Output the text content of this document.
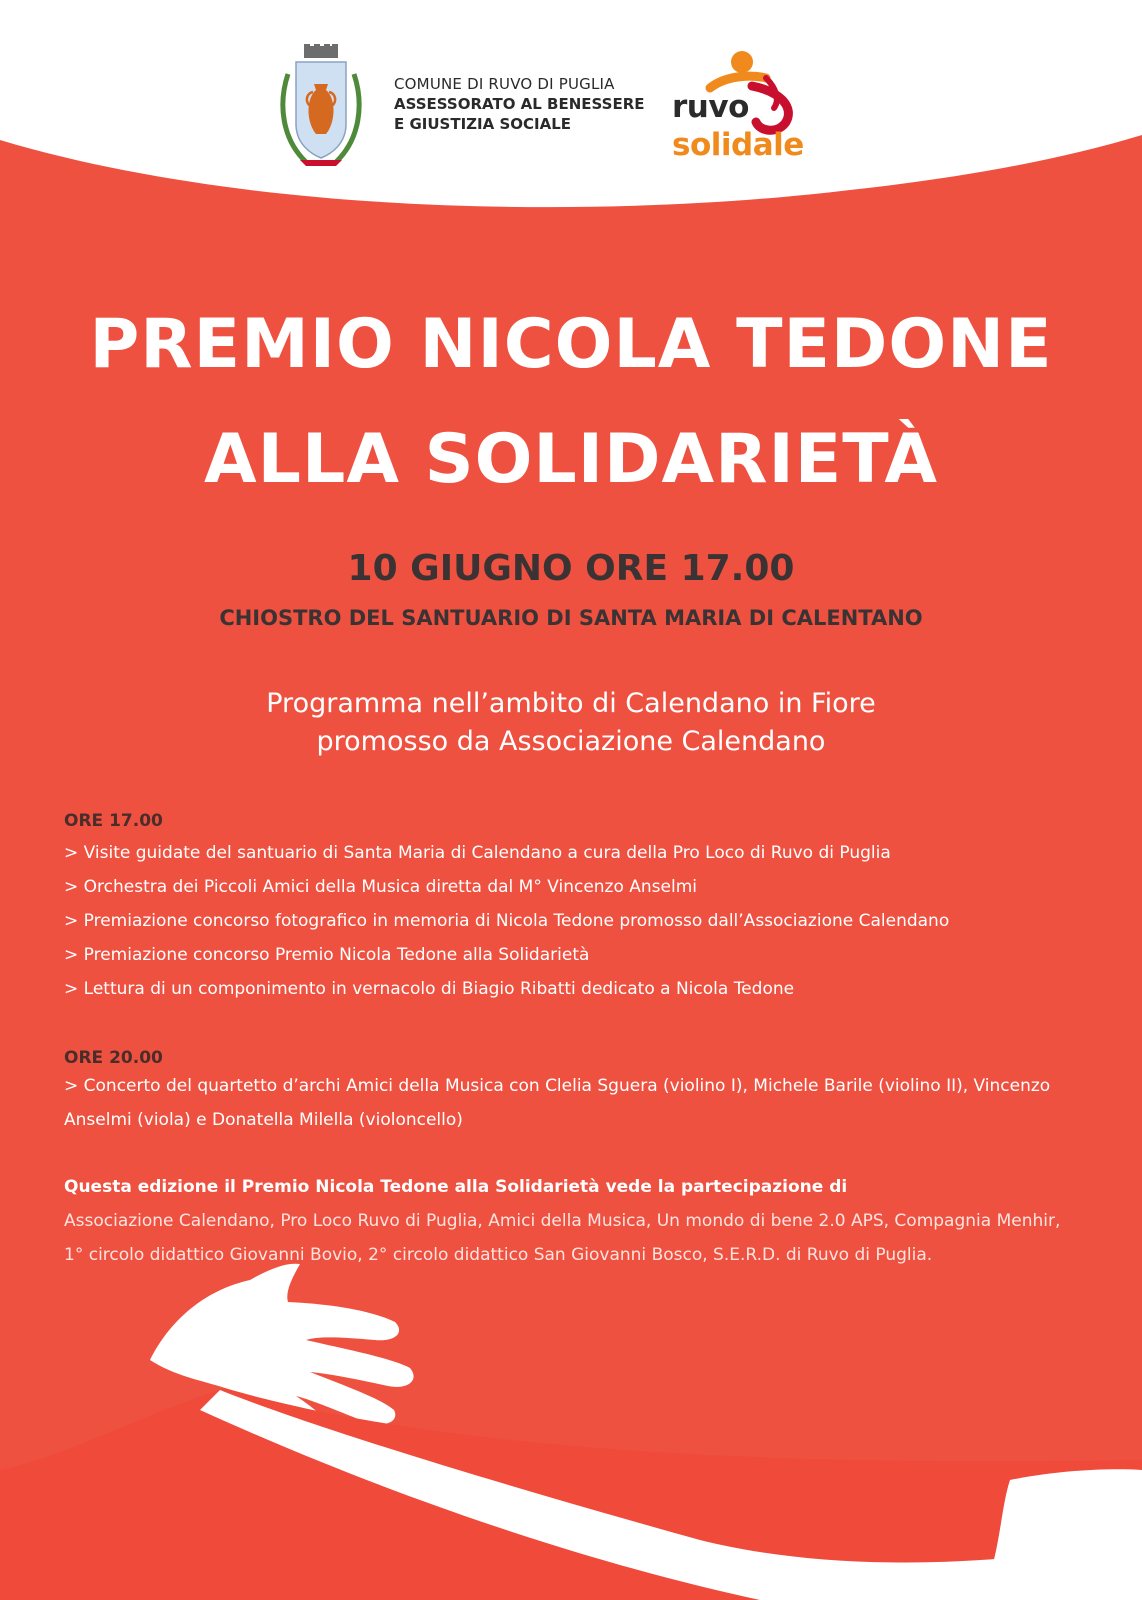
COMUNE DI RUVO DI PUGLIA
ASSESSORATO AL BENESSERE
E GIUSTIZIA SOCIALE	ruvo
solidale
PREMIO NICOLA TEDONE
ALLA SOLIDARIETÀ
10 GIUGNO ORE 17.00
CHIOSTRO DEL SANTUARIO DI SANTA MARIA DI CALENTANO
Programma nell’ambito di Calendano in Fiore
promosso da Associazione Calendano
ORE 17.00
> Visite guidate del santuario di Santa Maria di Calendano a cura della Pro Loco di Ruvo di Puglia
> Orchestra dei Piccoli Amici della Musica diretta dal M° Vincenzo Anselmi
> Premiazione concorso fotografico in memoria di Nicola Tedone promosso dall’Associazione Calendano
> Premiazione concorso Premio Nicola Tedone alla Solidarietà
> Lettura di un componimento in vernacolo di Biagio Ribatti dedicato a Nicola Tedone
ORE 20.00
> Concerto del quartetto d’archi Amici della Musica con Clelia Sguera (violino I), Michele Barile (violino II), Vincenzo Anselmi (viola) e Donatella Milella (violoncello)
Questa edizione il Premio Nicola Tedone alla Solidarietà vede la partecipazione di
Associazione Calendano, Pro Loco Ruvo di Puglia, Amici della Musica, Un mondo di bene 2.0 APS, Compagnia Menhir, 1° circolo didattico Giovanni Bovio, 2° circolo didattico San Giovanni Bosco, S.E.R.D. di Ruvo di Puglia.
